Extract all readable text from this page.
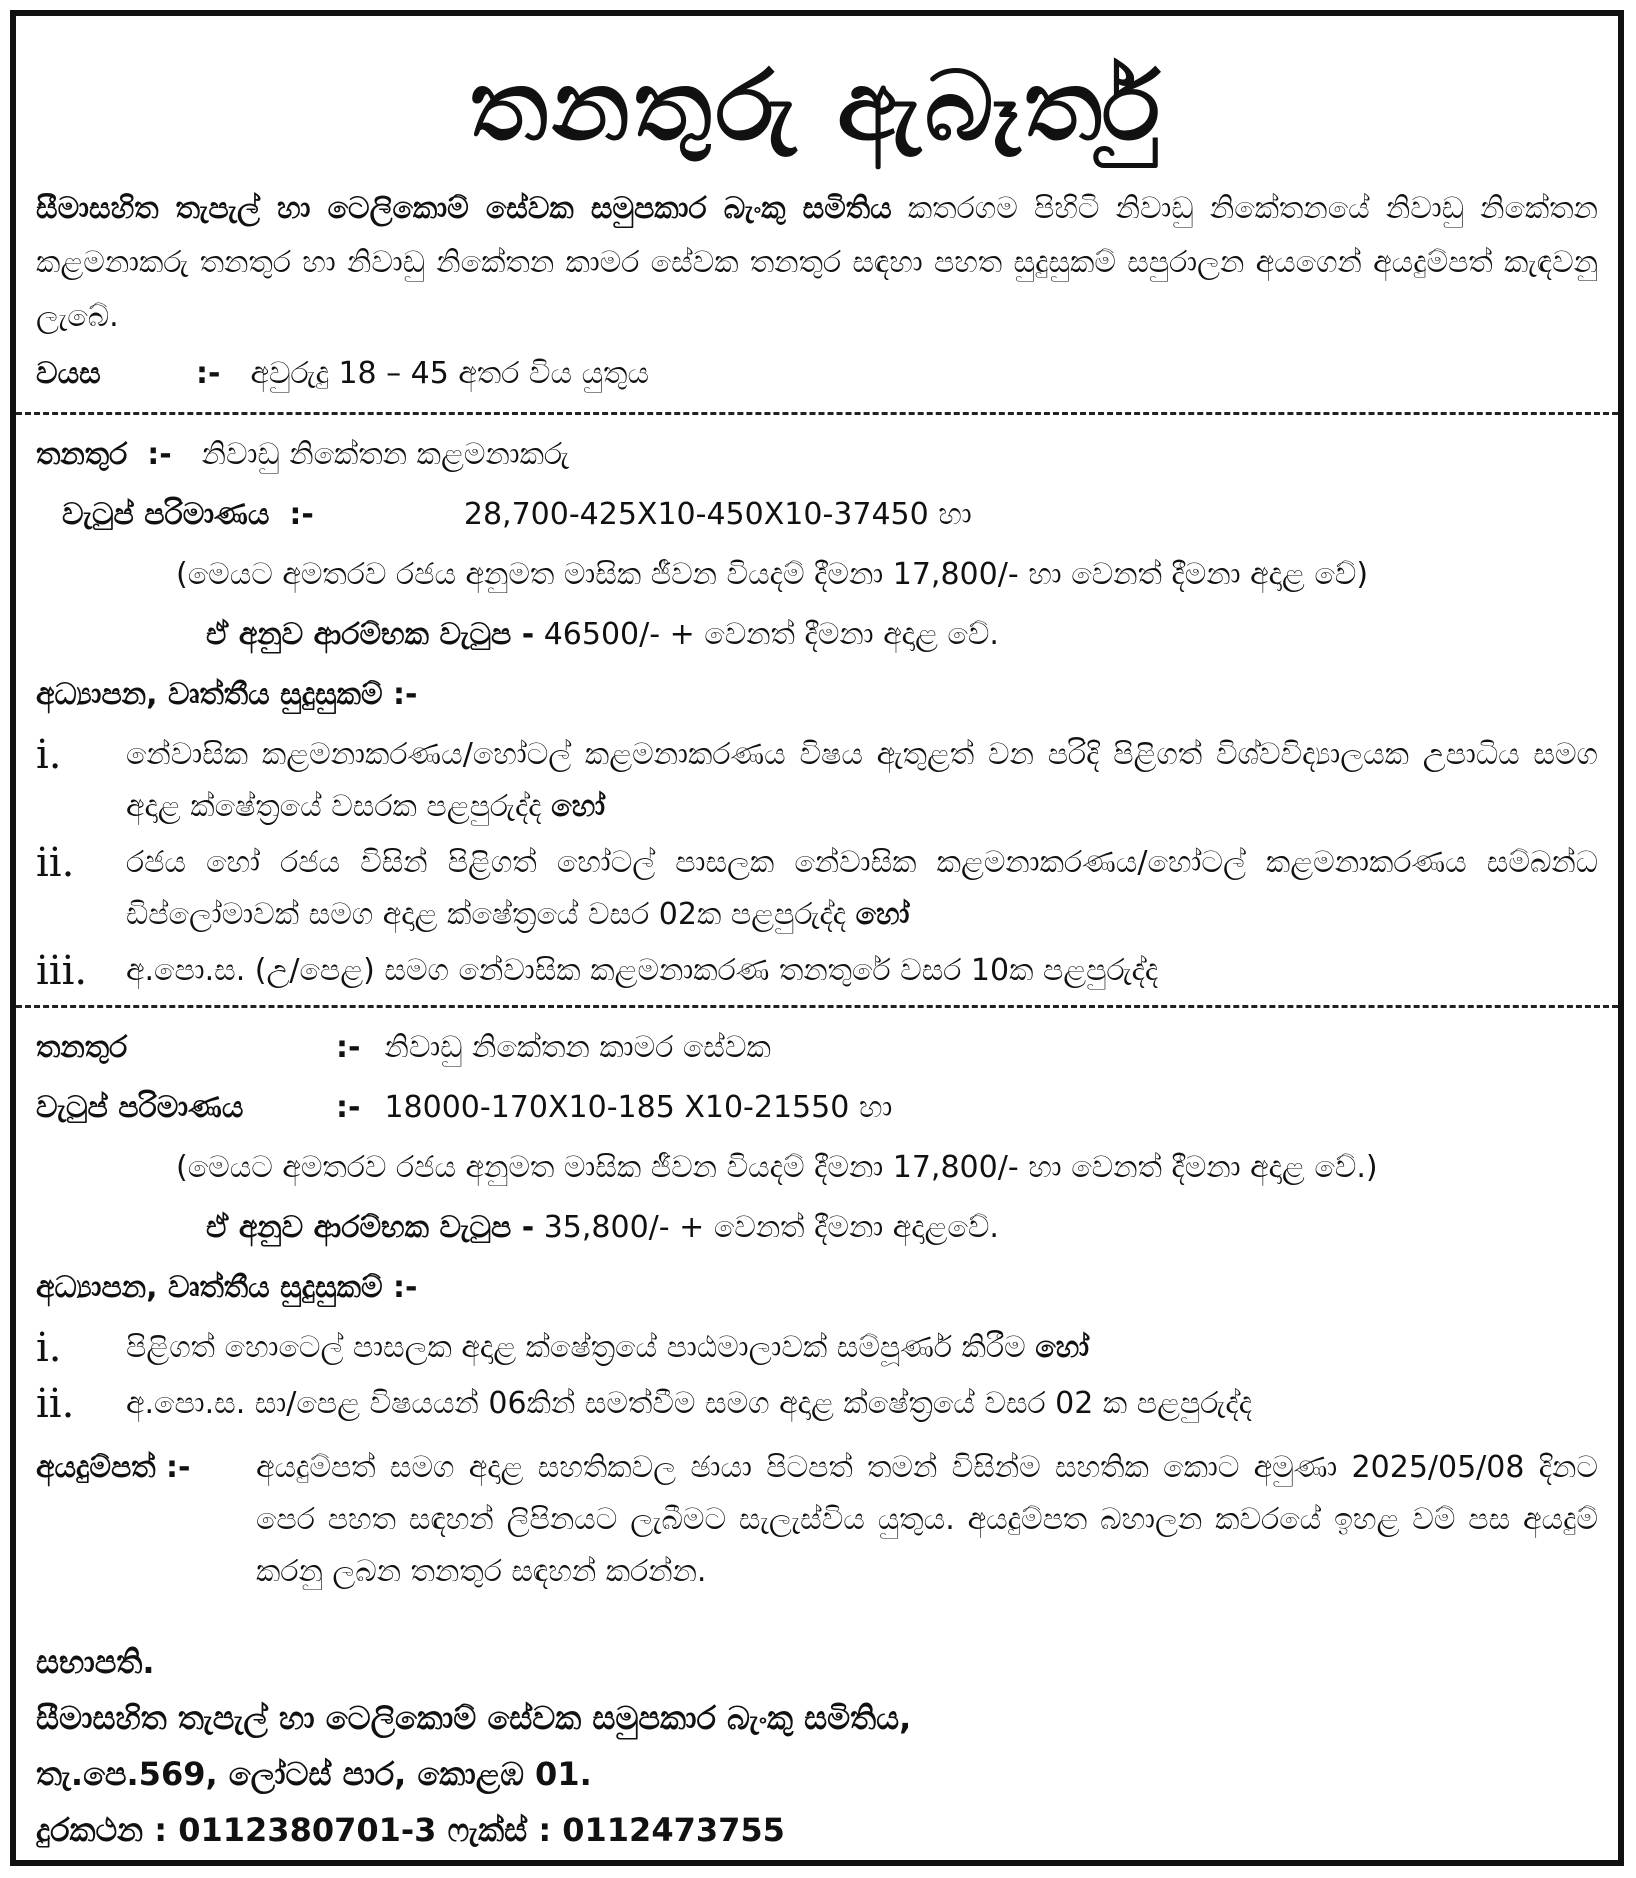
තනතුරු ඇබෑර්තු
සීමාසහිත තැපැල් හා ටෙලිකොම් සේවක සමුපකාර බැංකු සමිතිය කතරගම පිහිටි නිවාඩු නිකේතනයේ නිවාඩු නිකේතන කළමනාකරු තනතුර හා නිවාඩු නිකේතන කාමර සේවක තනතුර සඳහා පහත සුදුසුකම් සපුරාලන අයගෙන් අයදුම්පත් කැඳවනු ලැබේ.
වයස	:- අවුරුදු 18 – 45 අතර විය යුතුය
තනතුර :- නිවාඩු නිකේතන කළමනාකරු
වැටුප් පරිමාණය :-	28,700-425X10-450X10-37450 හා
(මෙයට අමතරව රජය අනුමත මාසික ජීවන වියදම් දීමනා 17,800/- හා වෙනත් දීමනා අදාළ වේ)
ඒ අනුව ආරම්භක වැටුප - 46500/- + වෙනත් දීමනා අදාළ වේ.
අධ්‍යාපන, වෘත්තීය සුදුසුකම් :-
i.	නේවාසික කළමනාකරණය/හෝටල් කළමනාකරණය විෂය ඇතුළත් වන පරිදි පිළිගත් විශ්වවිද්‍යාලයක උපාධිය සමග අදාළ ක්ෂේත්‍රයේ වසරක පළපුරුද්ද හෝ
ii.	රජය හෝ රජය විසින් පිළිගත් හෝටල් පාසලක නේවාසික කළමනාකරණය/හෝටල් කළමනාකරණය සම්බන්ධ ඩිප්ලෝමාවක් සමග අදාළ ක්ෂේත්‍රයේ වසර 02ක පළපුරුද්ද හෝ
iii.	අ.පො.ස. (උ/පෙළ) සමග නේවාසික කළමනාකරණ තනතුරේ වසර 10ක පළපුරුද්ද
තනතුර	:- නිවාඩු නිකේතන කාමර සේවක
වැටුප් පරිමාණය	:- 18000-170X10-185 X10-21550 හා
(මෙයට අමතරව රජය අනුමත මාසික ජීවන වියදම් දීමනා 17,800/- හා වෙනත් දීමනා අදාළ වේ.)
ඒ අනුව ආරම්භක වැටුප - 35,800/- + වෙනත් දීමනා අදාළවේ.
අධ්‍යාපන, වෘත්තීය සුදුසුකම් :-
i.	පිළිගත් හොටෙල් පාසලක අදාළ ක්ෂේත්‍රයේ පාඨමාලාවක් සම්පූර්ණ කිරීම හෝ
ii.	අ.පො.ස. සා/පෙළ විෂයයන් 06කින් සමත්වීම සමග අදාළ ක්ෂේත්‍රයේ වසර 02 ක පළපුරුද්ද
අයදුම්පත් :-	අයදුම්පත් සමග අදාළ සහතිකවල ඡායා පිටපත් තමන් විසින්ම සහතික කොට අමුණා 2025/05/08 දිනට පෙර පහත සඳහන් ලිපිනයට ලැබීමට සැලැස්විය යුතුය. අයදුම්පත බහාලන කවරයේ ඉහළ වම් පස අයදුම් කරනු ලබන තනතුර සඳහන් කරන්න.
සභාපති.
සීමාසහිත තැපැල් හා ටෙලිකොම් සේවක සමුපකාර බැංකු සමිතිය,
තැ.පෙ.569, ලෝටස් පාර, කොළඹ 01.
දුරකථන : 0112380701-3 ෆැක්ස් : 0112473755
